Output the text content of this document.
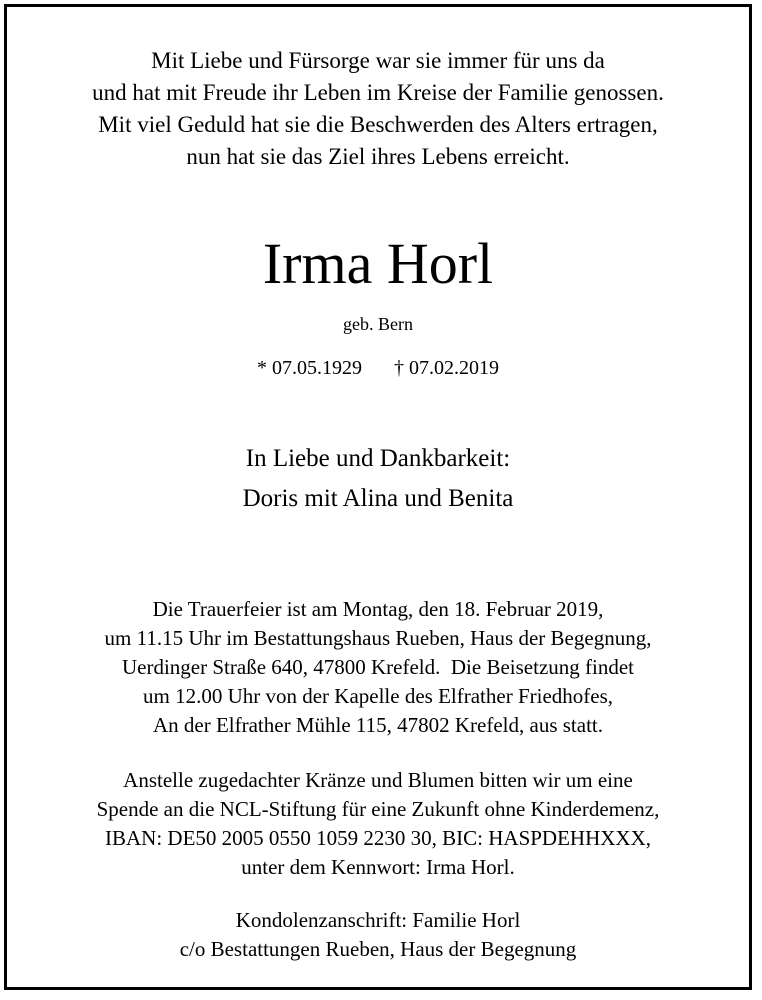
Mit Liebe und Fürsorge war sie immer für uns da
und hat mit Freude ihr Leben im Kreise der Familie genossen.
Mit viel Geduld hat sie die Beschwerden des Alters ertragen,
nun hat sie das Ziel ihres Lebens erreicht.
Irma Horl
geb. Bern
* 07.05.1929 † 07.02.2019
In Liebe und Dankbarkeit:
Doris mit Alina und Benita
Die Trauerfeier ist am Montag, den 18. Februar 2019,
um 11.15 Uhr im Bestattungshaus Rueben, Haus der Begegnung,
Uerdinger Straße 640, 47800 Krefeld.  Die Beisetzung findet
um 12.00 Uhr von der Kapelle des Elfrather Friedhofes,
An der Elfrather Mühle 115, 47802 Krefeld, aus statt.
Anstelle zugedachter Kränze und Blumen bitten wir um eine
Spende an die NCL-Stiftung für eine Zukunft ohne Kinderdemenz,
IBAN: DE50 2005 0550 1059 2230 30, BIC: HASPDEHHXXX,
unter dem Kennwort: Irma Horl.
Kondolenzanschrift: Familie Horl
c/o Bestattungen Rueben, Haus der Begegnung
